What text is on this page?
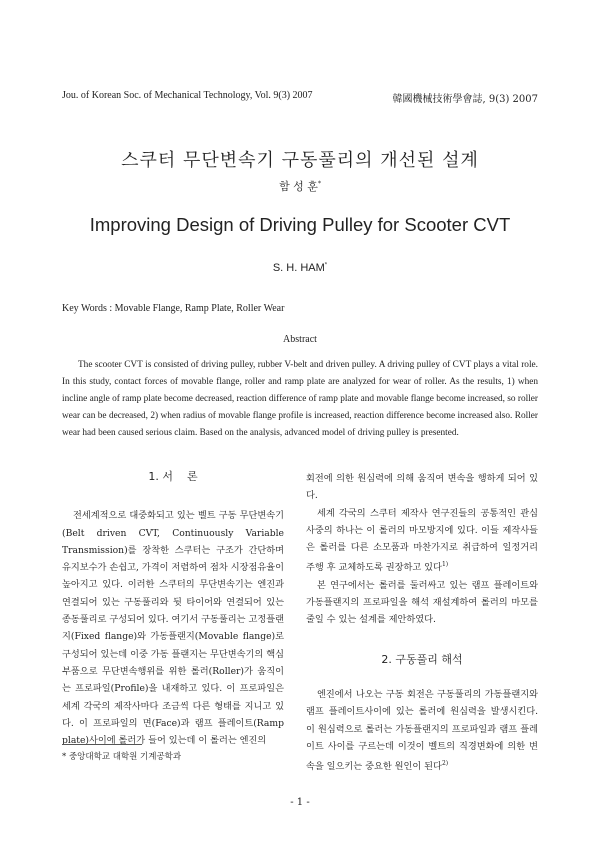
Jou. of Korean Soc. of Mechanical Technology, Vol. 9(3) 2007	韓國機械技術學會誌, 9(3) 2007
스쿠터 무단변속기 구동풀리의 개선된 설계
함 성 훈*
Improving Design of Driving Pulley for Scooter CVT
S. H. HAM*
Key Words : Movable Flange, Ramp Plate, Roller Wear
Abstract

The scooter CVT is consisted of driving pulley, rubber V-belt and driven pulley. A driving pulley of CVT plays a vital role. In this study, contact forces of movable flange, roller and ramp plate are analyzed for wear of roller. As the results, 1) when incline angle of ramp plate become decreased, reaction difference of ramp plate and movable flange become increased, so roller wear can be decreased, 2) when radius of movable flange profile is increased, reaction difference become increased also. Roller wear had been caused serious claim. Based on the analysis, advanced model of driving pulley is presented.

1. 서    론

전세계적으로 대중화되고 있는 벨트 구동 무단변속기(Belt driven CVT, Continuously Variable Transmission)를 장착한 스쿠터는 구조가 간단하며 유지보수가 손쉽고, 가격이 저렴하여 점차 시장점유율이 높아지고 있다. 이러한 스쿠터의 무단변속기는 엔진과 연결되어 있는 구동풀리와 뒷 타이어와 연결되어 있는 종동풀리로 구성되어 있다. 여기서 구동풀리는 고정플랜지(Fixed flange)와 가동플랜지(Movable flange)로 구성되어 있는데 이중 가동 플랜지는 무단변속기의 핵심부품으로 무단변속행위를 위한 롤러(Roller)가 움직이는 프로파일(Profile)을 내재하고 있다. 이 프로파일은 세계 각국의 제작사마다 조금씩 다른 형태를 지니고 있다. 이 프로파일의 면(Face)과 램프 플레이트(Ramp plate)사이에 롤러가 들어 있는데 이 롤러는 엔진의

회전에 의한 원심력에 의해 움직여 변속을 행하게 되어 있다.

세계 각국의 스쿠터 제작사 연구진들의 공통적인 관심사중의 하나는 이 롤러의 마모방지에 있다. 이들 제작사들은 롤러를 다른 소모품과 마찬가지로 취급하여 일정거리 주행 후 교체하도록 권장하고 있다$^{1)}$

본 연구에서는 롤러를 둘러싸고 있는 램프 플레이트와 가동플랜지의 프로파일을 해석 재설계하여 롤러의 마모를 줄일 수 있는 설계를 제안하였다.

2. 구동풀리 해석

엔진에서 나오는 구동 회전은 구동풀리의 가동플랜지와 램프 플레이트사이에 있는 롤러에 원심력을 발생시킨다. 이 원심력으로 롤러는 가동플랜지의 프로파일과 램프 플레이트 사이를 구르는데 이것이 벨트의 직경변화에 의한 변속을 일으키는 중요한 원인이 된다$^{2)}$

* 중앙대학교 대학원 기계공학과
- 1 -
